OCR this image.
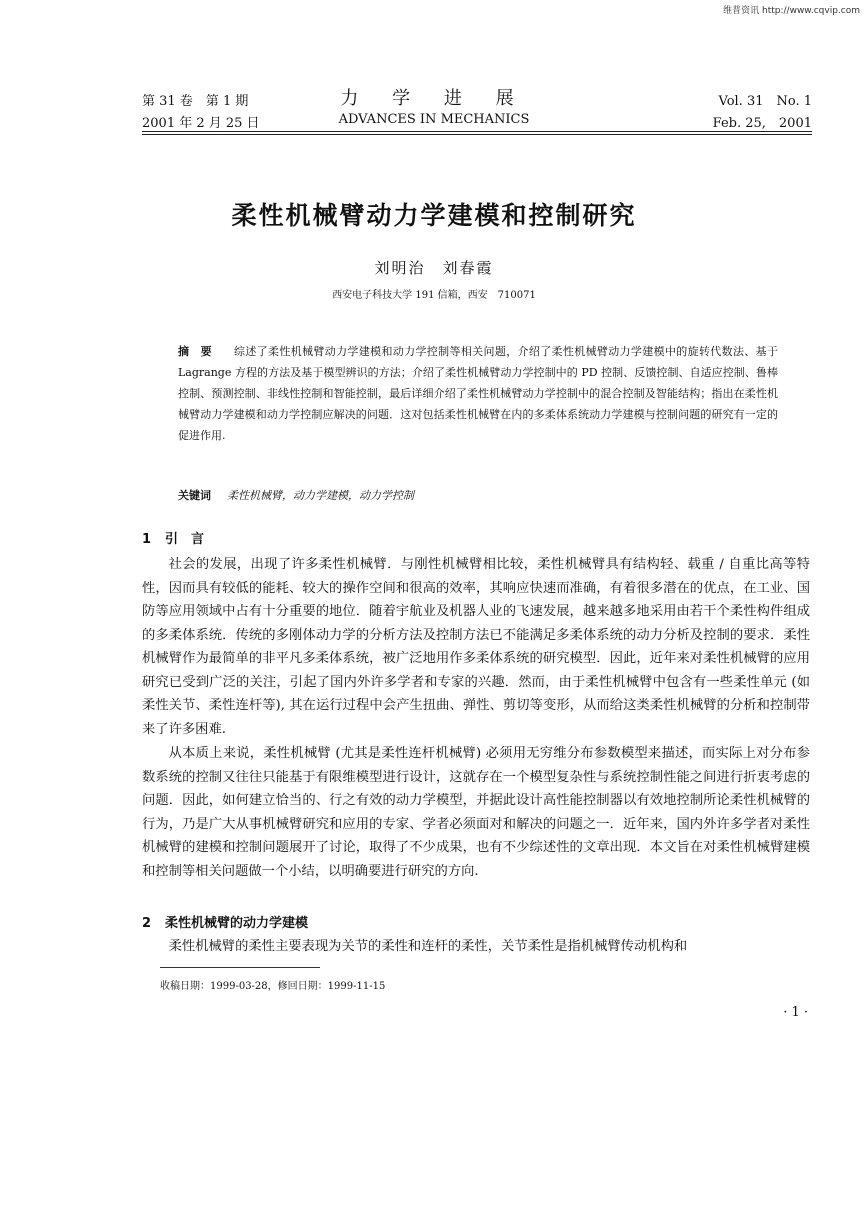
维普资讯 http://www.cqvip.com
第 31 卷　第 1 期
2001 年 2 月 25 日
力 学 进 展
ADVANCES IN MECHANICS
Vol. 31　No. 1
Feb. 25,　2001
柔性机械臂动力学建模和控制研究
刘明治　刘春霞
西安电子科技大学 191 信箱，西安　710071
摘　要 综述了柔性机械臂动力学建模和动力学控制等相关问题，介绍了柔性机械臂动力学建模中的旋转代数法、基于 Lagrange 方程的方法及基于模型辨识的方法；介绍了柔性机械臂动力学控制中的 PD 控制、反馈控制、自适应控制、鲁棒控制、预测控制、非线性控制和智能控制，最后详细介绍了柔性机械臂动力学控制中的混合控制及智能结构；指出在柔性机械臂动力学建模和动力学控制应解决的问题．这对包括柔性机械臂在内的多柔体系统动力学建模与控制问题的研究有一定的促进作用.
关键词 柔性机械臂，动力学建模，动力学控制
1 引　言
社会的发展，出现了许多柔性机械臂．与刚性机械臂相比较，柔性机械臂具有结构轻、载重 / 自重比高等特性，因而具有较低的能耗、较大的操作空间和很高的效率，其响应快速而准确，有着很多潜在的优点，在工业、国防等应用领域中占有十分重要的地位．随着宇航业及机器人业的飞速发展，越来越多地采用由若干个柔性构件组成的多柔体系统．传统的多刚体动力学的分析方法及控制方法已不能满足多柔体系统的动力分析及控制的要求．柔性机械臂作为最简单的非平凡多柔体系统，被广泛地用作多柔体系统的研究模型．因此，近年来对柔性机械臂的应用研究已受到广泛的关注，引起了国内外许多学者和专家的兴趣．然而，由于柔性机械臂中包含有一些柔性单元 (如柔性关节、柔性连杆等), 其在运行过程中会产生扭曲、弹性、剪切等变形，从而给这类柔性机械臂的分析和控制带来了许多困难.
从本质上来说，柔性机械臂 (尤其是柔性连杆机械臂) 必须用无穷维分布参数模型来描述，而实际上对分布参数系统的控制又往往只能基于有限维模型进行设计，这就存在一个模型复杂性与系统控制性能之间进行折衷考虑的问题．因此，如何建立恰当的、行之有效的动力学模型，并据此设计高性能控制器以有效地控制所论柔性机械臂的行为，乃是广大从事机械臂研究和应用的专家、学者必须面对和解决的问题之一．近年来，国内外许多学者对柔性机械臂的建模和控制问题展开了讨论，取得了不少成果，也有不少综述性的文章出现．本文旨在对柔性机械臂建模和控制等相关问题做一个小结，以明确要进行研究的方向.
2 柔性机械臂的动力学建模
柔性机械臂的柔性主要表现为关节的柔性和连杆的柔性，关节柔性是指机械臂传动机构和
收稿日期：1999-03-28，修回日期：1999-11-15
· 1 ·
